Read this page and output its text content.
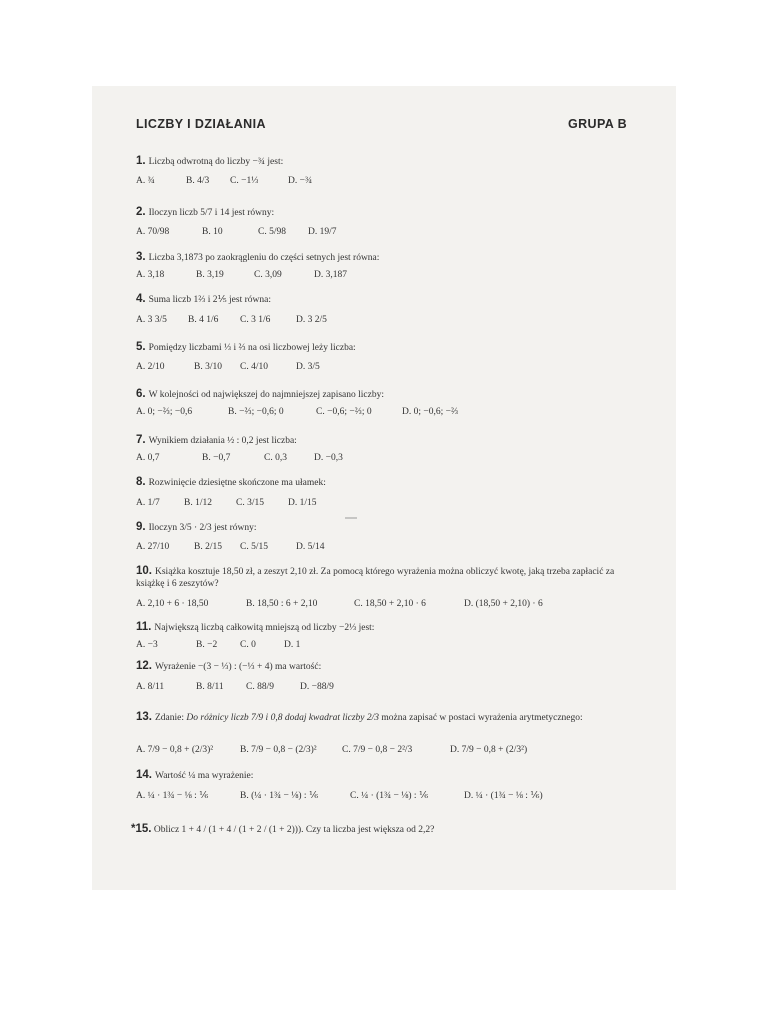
LICZBY I DZIAŁANIA	GRUPA B
1. Liczbą odwrotną do liczby −¾ jest:
A. ¾	B. 4/3 C. −1⅓	D. −¾
2. Iloczyn liczb 5/7 i 14 jest równy:
A. 70/98	B. 10	C. 5/98 D. 19/7
3. Liczba 3,1873 po zaokrągleniu do części setnych jest równa:
A. 3,18	B. 3,19	C. 3,09	D. 3,187
4. Suma liczb 1⅔ i 2⅕ jest równa:
A. 3 3/5 B. 4 1/6 C. 3 1/6	D. 3 2/5
5. Pomiędzy liczbami ⅓ i ⅔ na osi liczbowej leży liczba:
A. 2/10	B. 3/10 C. 4/10	D. 3/5
6. W kolejności od największej do najmniejszej zapisano liczby:
A. 0; −⅔; −0,6	B. −⅔; −0,6; 0	C. −0,6; −⅔; 0	D. 0; −0,6; −⅔
7. Wynikiem działania ½ : 0,2 jest liczba:
A. 0,7	B. −0,7	C. 0,3	D. −0,3
8. Rozwinięcie dziesiętne skończone ma ułamek:
A. 1/7	B. 1/12	C. 3/15	D. 1/15
9. Iloczyn 3/5 · 2/3 jest równy:
A. 27/10	B. 2/15 C. 5/15	D. 5/14
11. Największą liczbą całkowitą mniejszą od liczby −2⅓ jest:
A. −3	B. −2 C. 0	D. 1
12. Wyrażenie −(3 − ⅓) : (−⅓ + 4) ma wartość:
A. 8/11	B. 8/11 C. 88/9	D. −88/9
14. Wartość ¼ ma wyrażenie:
A. ¼ · 1¾ − ⅛ : ⅙	B. (¼ · 1¾ − ⅛) : ⅙	C. ¼ · (1¾ − ⅛) : ⅙	D. ¼ · (1¾ − ⅛ : ⅙)
10. Książka kosztuje 18,50 zł, a zeszyt 2,10 zł. Za pomocą którego wyrażenia można obliczyć kwotę, jaką trzeba zapłacić za książkę i 6 zeszytów?
A. 2,10 + 6 · 18,50	B. 18,50 : 6 + 2,10	C. 18,50 + 2,10 · 6	D. (18,50 + 2,10) · 6
13. Zdanie: Do różnicy liczb 7/9 i 0,8 dodaj kwadrat liczby 2/3 można zapisać w postaci wyrażenia arytmetycznego:
A. 7/9 − 0,8 + (2/3)²	B. 7/9 − 0,8 − (2/3)²	C. 7/9 − 0,8 − 2²/3	D. 7/9 − 0,8 + (2/3²)
*15. Oblicz 1 + 4 / (1 + 4 / (1 + 2 / (1 + 2))). Czy ta liczba jest większa od 2,2?
